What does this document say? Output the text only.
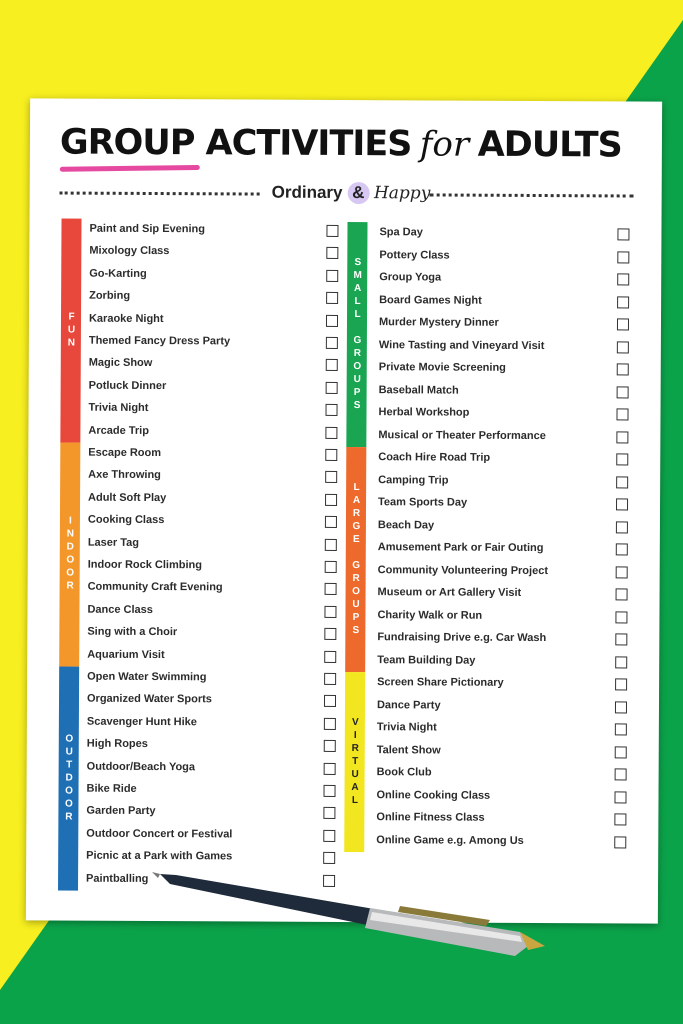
GROUP ACTIVITIES for ADULTS
Ordinary & Happy
FUN
Paint and Sip Evening
Mixology Class
Go-Karting
Zorbing
Karaoke Night
Themed Fancy Dress Party
Magic Show
Potluck Dinner
Trivia Night
Arcade Trip
INDOOR
Escape Room
Axe Throwing
Adult Soft Play
Cooking Class
Laser Tag
Indoor Rock Climbing
Community Craft Evening
Dance Class
Sing with a Choir
Aquarium Visit
OUTDOOR
Open Water Swimming
Organized Water Sports
Scavenger Hunt Hike
High Ropes
Outdoor/Beach Yoga
Bike Ride
Garden Party
Outdoor Concert or Festival
Picnic at a Park with Games
Paintballing
SMALL GROUPS
Spa Day
Pottery Class
Group Yoga
Board Games Night
Murder Mystery Dinner
Wine Tasting and Vineyard Visit
Private Movie Screening
Baseball Match
Herbal Workshop
Musical or Theater Performance
LARGE GROUPS
Coach Hire Road Trip
Camping Trip
Team Sports Day
Beach Day
Amusement Park or Fair Outing
Community Volunteering Project
Museum or Art Gallery Visit
Charity Walk or Run
Fundraising Drive e.g. Car Wash
Team Building Day
VIRTUAL
Screen Share Pictionary
Dance Party
Trivia Night
Talent Show
Book Club
Online Cooking Class
Online Fitness Class
Online Game e.g. Among Us
